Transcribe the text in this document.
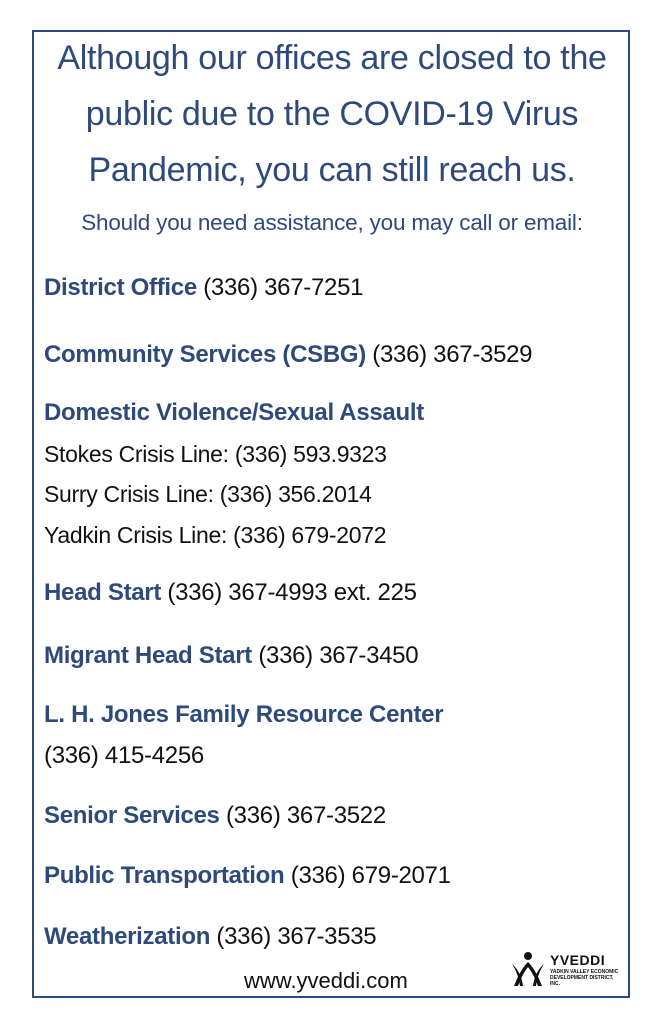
Although our offices are closed to the
public due to the COVID-19 Virus
Pandemic, you can still reach us.
Should you need assistance, you may call or email:
District Office (336) 367-7251
Community Services (CSBG) (336) 367-3529
Domestic Violence/Sexual Assault
Stokes Crisis Line: (336) 593.9323
Surry Crisis Line: (336) 356.2014
Yadkin Crisis Line: (336) 679-2072
Head Start (336) 367-4993 ext. 225
Migrant Head Start (336) 367-3450
L. H. Jones Family Resource Center
(336) 415-4256
Senior Services (336) 367-3522
Public Transportation (336) 679-2071
Weatherization (336) 367-3535
www.yveddi.com
YVEDDI
YADKIN VALLEY ECONOMIC DEVELOPMENT DISTRICT, INC.
